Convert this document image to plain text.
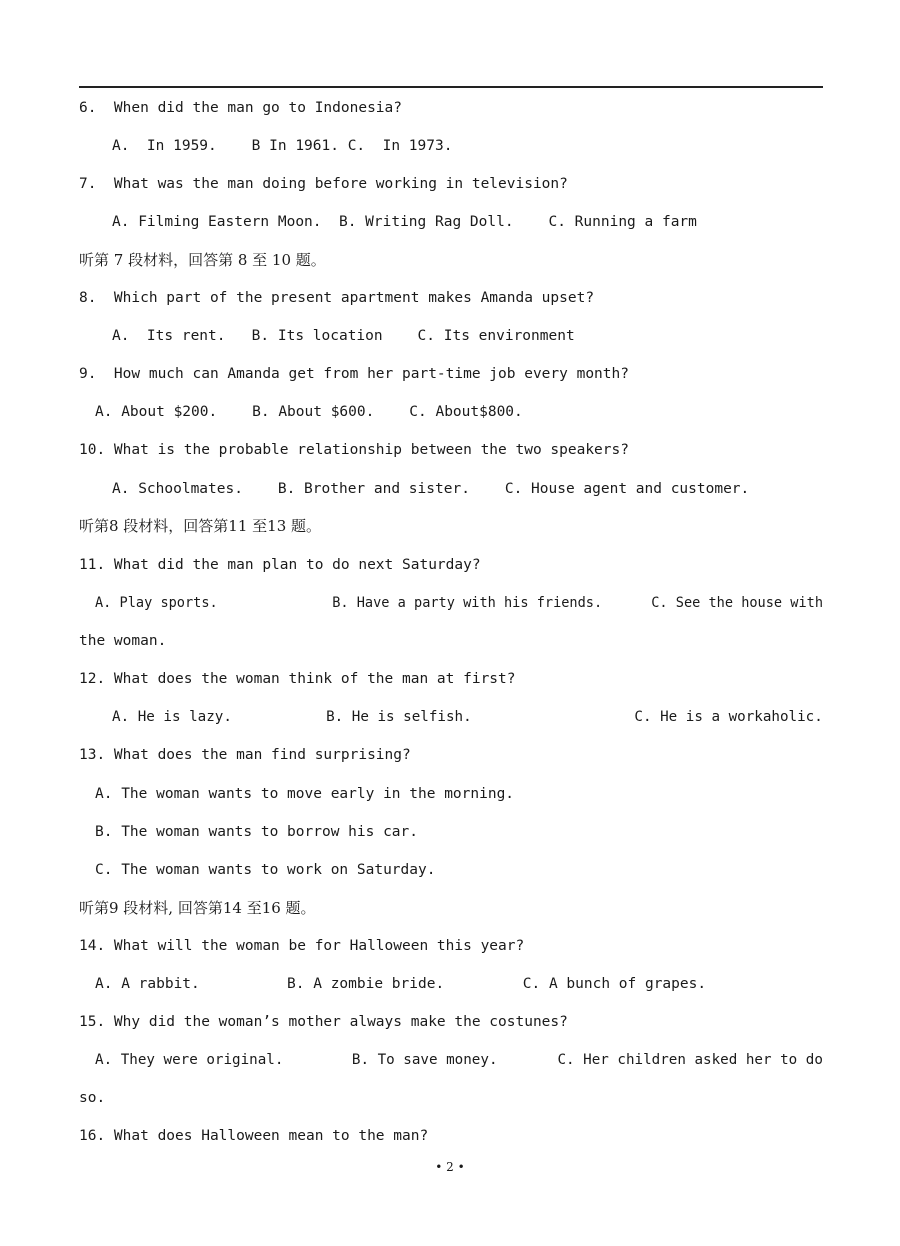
6.  When did the man go to Indonesia?
A.  In 1959.    B In 1961. C.  In 1973.
7.  What was the man doing before working in television?
A. Filming Eastern Moon.  B. Writing Rag Doll.    C. Running a farm
听第 7 段材料，回答第 8 至 10 题。
8.  Which part of the present apartment makes Amanda upset?
A.  Its rent.   B. Its location    C. Its environment
9.  How much can Amanda get from her part-time job every month?
A. About $200.    B. About $600.    C. About$800.
10. What is the probable relationship between the two speakers?
A. Schoolmates.    B. Brother and sister.    C. House agent and customer.
听第8 段材料，回答第11 至13 题。
11. What did the man plan to do next Saturday?
A. Play sports.              B. Have a party with his friends.      C. See the house with
the woman.
12. What does the woman think of the man at first?
A. He is lazy.           B. He is selfish.                   C. He is a workaholic.
13. What does the man find surprising?
A. The woman wants to move early in the morning.
B. The woman wants to borrow his car.
C. The woman wants to work on Saturday.
听第9 段材料, 回答第14 至16 题。
14. What will the woman be for Halloween this year?
A. A rabbit.          B. A zombie bride.         C. A bunch of grapes.
15. Why did the woman’s mother always make the costunes?
A. They were original.        B. To save money.       C. Her children asked her to do
so.
16. What does Halloween mean to the man?
• 2 •
